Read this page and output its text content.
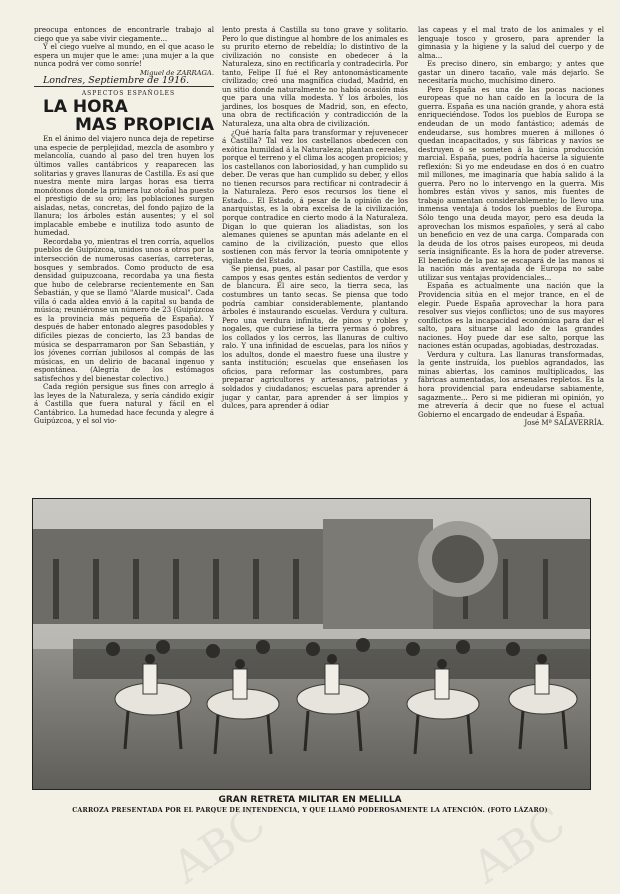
preocupa entonces de encontrarle trabajo al ciego que ya sabe vivir ciegamente...

Y el ciego vuelve al mundo, en el que acaso le espera un mujer que le ame: ¡una mujer a la que nunca podrá ver como sonríe!

Miguel de ZARRAGA.

Londres, Septiembre de 1916.

ASPECTOS ESPAÑOLES

LA HORA

MAS PROPICIA

En el ánimo del viajero nunca deja de repetirse una especie de perplejidad, mezcla de asombro y melancolía, cuando al paso del tren huyen los últimos valles cantábricos y reaparecen las solitarias y graves llanuras de Castilla. Es así que nuestra mente mira largas horas esa tierra monótonos donde la primera luz otoñal ha puesto el prestigio de su oro; las poblaciones surgen aisladas, netas, concretas, del fondo pajizo de la llanura; los árboles están ausentes; y el sol implacable embebe e inutiliza todo asunto de humedad.

Recordaba yo, mientras el tren corría, aquellos pueblos de Guipúzcoa, unidos unos a otros por la intersección de numerosas caserías, carreteras, bosques y sembrados. Como producto de esa densidad guipuzcoana, recordaba ya una fiesta que hubo de celebrarse recientemente en San Sebastián, y que se llamó "Alarde musical". Cada villa ó cada aldea envió á la capital su banda de música; reuniéronse un número de 23 (Guipúzcoa es la provincia más pequeña de España). Y después de haber entonado alegres pasodobles y difíciles piezas de concierto, las 23 bandas de música se desparramaron por San Sebastián, y los jóvenes corrían jubilosos al compás de las músicas, en un delirio de bacanal ingenuo y espontánea. (Alegría de los estómagos satisfechos y del bienestar colectivo.)

Cada región persigue sus fines con arreglo á las leyes de la Naturaleza, y sería cándido exigir á Castilla que fuera natural y fácil en el Cantábrico. La humedad hace fecunda y alegre á Guipúzcoa, y el sol vio-

lento presta á Castilla su tono grave y solitario. Pero lo que distingue al hombre de los animales es su prurito eterno de rebeldía; lo distintivo de la civilización no consiste en obedecer á la Naturaleza, sino en rectificarla y contradecirla. Por tanto, Felipe II fué el Rey antonomásticamente civilizado; creó una magnífica ciudad, Madrid, en un sitio donde naturalmente no había ocasión más que para una villa modesta. Y los árboles, los jardines, los bosques de Madrid, son, en efecto, una obra de rectificación y contradicción de la Naturaleza, una alta obra de civilización.

¿Qué haría falta para transformar y rejuvenecer á Castilla? Tal vez los castellanos obedecen con exótica humildad á la Naturaleza; plantan cereales, porque el terreno y el clima los acogen propicios; y los castellanos con laboriosidad, y han cumplido su deber. De veras que han cumplido su deber, y ellos no tienen recursos para rectificar ni contradecir á la Naturaleza. Pero esos recursos los tiene el Estado... El Estado, á pesar de la opinión de los anarquistas, es la obra excelsa de la civilización, porque contradice en cierto modo á la Naturaleza. Digan lo que quieran los aliadistas, son los alemanes quienes se apuntan más adelante en el camino de la civilización, puesto que ellos sostienen con más fervor la teoría omnipotente y vigilante del Estado.

Se piensa, pues, al pasar por Castilla, que esos campos y esas gentes están sedientos de verdor y de blancura. El aire seco, la tierra seca, las costumbres un tanto secas. Se piensa que todo podría cambiar considerablemente, plantando árboles é instaurando escuelas. Verdura y cultura. Pero una verdura infinita, de pinos y robles y nogales, que cubriese la tierra yermas ó pobres, los collados y los cerros, las llanuras de cultivo ralo. Y una infinidad de escuelas, para los niños y los adultos, donde el maestro fuese una ilustre y santa institución; escuelas que enseñasen los oficios, para reformar las costumbres, para preparar agricultores y artesanos, patriotas y soldados y ciudadanos; escuelas para aprender á jugar y cantar, para aprender á ser limpios y dulces, para aprender á odiar

las capeas y el mal trato de los animales y el lenguaje tosco y grosero, para aprender la gimnasia y la higiene y la salud del cuerpo y de alma...

Es preciso dinero, sin embargo; y antes que gastar un dinero tacaño, vale más dejarlo. Se necesitaría mucho, muchísimo dinero.

Pero España es una de las pocas naciones europeas que no han caído en la locura de la guerra. España es una nación grande, y ahora está enriqueciéndose. Todos los pueblos de Europa se endeudan de un modo fantástico; además de endeudarse, sus hombres mueren á millones ó quedan incapacitados, y sus fábricas y navíos se destruyen ó se someten á la única producción marcial. España, pues, podría hacerse la siguiente reflexión: Si yo me endeudase en dos ó en cuatro mil millones, me imaginaría que había salido á la guerra. Pero no lo intervengo en la guerra. Mis hombres están vivos y sanos, mis fuentes de trabajo aumentan considerablemente; lo llevo una inmensa ventaja á todos los pueblos de Europa. Sólo tengo una deuda mayor, pero esa deuda la aprovechan los mismos españoles, y será al cabo un beneficio en vez de una carga. Comparada con la deuda de los otros países europeos, mi deuda sería insignificante. Es la hora de poder atreverse. El beneficio de la paz se escapará de las manos si la nación más aventajada de Europa no sabe utilizar sus ventajas providenciales...

España es actualmente una nación que la Providencia sitúa en el mejor trance, en el de elegir. Puede España aprovechar la hora para resolver sus viejos conflictos; uno de sus mayores conflictos es la incapacidad económica para dar el salto, para situarse al lado de las grandes naciones. Hoy puede dar ese salto, porque las naciones están ocupadas, agobiadas, destrozadas.

Verdura y cultura. Las llanuras transformadas, la gente instruída, los pueblos agrandados, las minas abiertas, los caminos multiplicados, las fábricas aumentadas, los arsenales repletos. Es la hora providencial para endeudarse sabiamente, sagazmente... Pero si me pidieran mi opinión, yo me atrevería á decir que no fuese el actual Gobierno el encargado de endeudar á España.

José Mª SALAVERRÍA.

GRAN RETRETA MILITAR EN MELILLA
CARROZA PRESENTADA POR EL PARQUE DE INTENDENCIA, Y QUE LLAMÓ PODEROSAMENTE LA ATENCIÓN. (FOTO LÁZARO)
ABC	ABC
